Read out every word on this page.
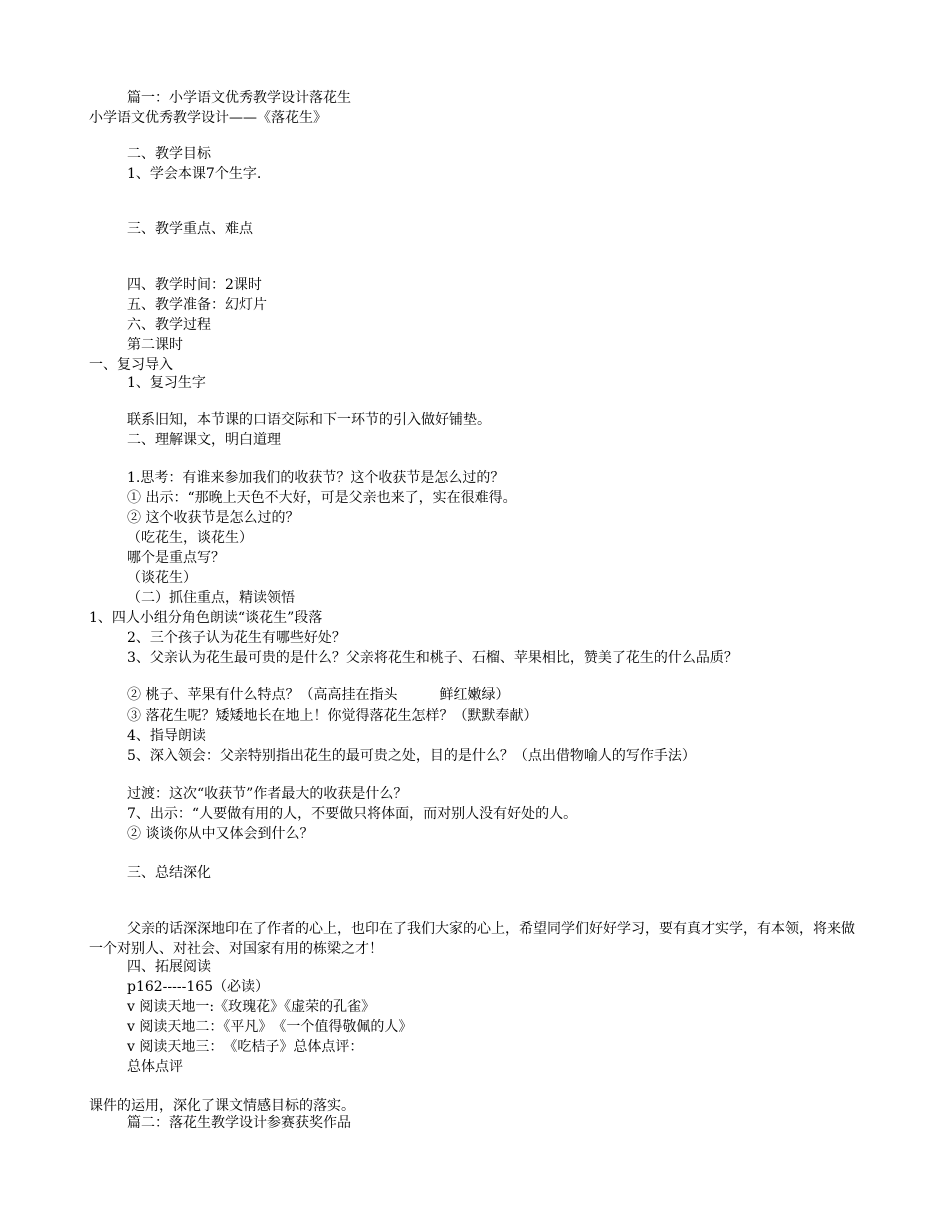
篇一：小学语文优秀教学设计落花生
小学语文优秀教学设计——《落花生》
二、教学目标
1、学会本课7个生字.
三、教学重点、难点
四、教学时间：2课时
五、教学准备：幻灯片
六、教学过程
第二课时
一、复习导入
1、复习生字
联系旧知，本节课的口语交际和下一环节的引入做好铺垫。
二、理解课文，明白道理
1.思考：有谁来参加我们的收获节？这个收获节是怎么过的？
① 出示：“那晚上天色不大好，可是父亲也来了，实在很难得。
② 这个收获节是怎么过的？
（吃花生，谈花生）
哪个是重点写？
（谈花生）
（二）抓住重点，精读领悟
1、四人小组分角色朗读“谈花生”段落
2、三个孩子认为花生有哪些好处？
3、父亲认为花生最可贵的是什么？父亲将花生和桃子、石榴、苹果相比，赞美了花生的什么品质？
② 桃子、苹果有什么特点？（高高挂在指头　　　鲜红嫩绿）
③ 落花生呢？矮矮地长在地上！你觉得落花生怎样？（默默奉献）
4、指导朗读
5、深入领会：父亲特别指出花生的最可贵之处，目的是什么？（点出借物喻人的写作手法）
过渡：这次“收获节”作者最大的收获是什么？
7、出示：“人要做有用的人，不要做只将体面，而对别人没有好处的人。
② 谈谈你从中又体会到什么？
三、总结深化
父亲的话深深地印在了作者的心上，也印在了我们大家的心上，希望同学们好好学习，要有真才实学，有本领，将来做一个对别人、对社会、对国家有用的栋梁之才！
四、拓展阅读
p162-----165（必读）
v 阅读天地一:《玫瑰花》《虚荣的孔雀》
v 阅读天地二：《平凡》　《一个值得敬佩的人》
v 阅读天地三：　《吃桔子》总体点评：
总体点评
课件的运用，深化了课文情感目标的落实。
篇二：落花生教学设计参赛获奖作品
